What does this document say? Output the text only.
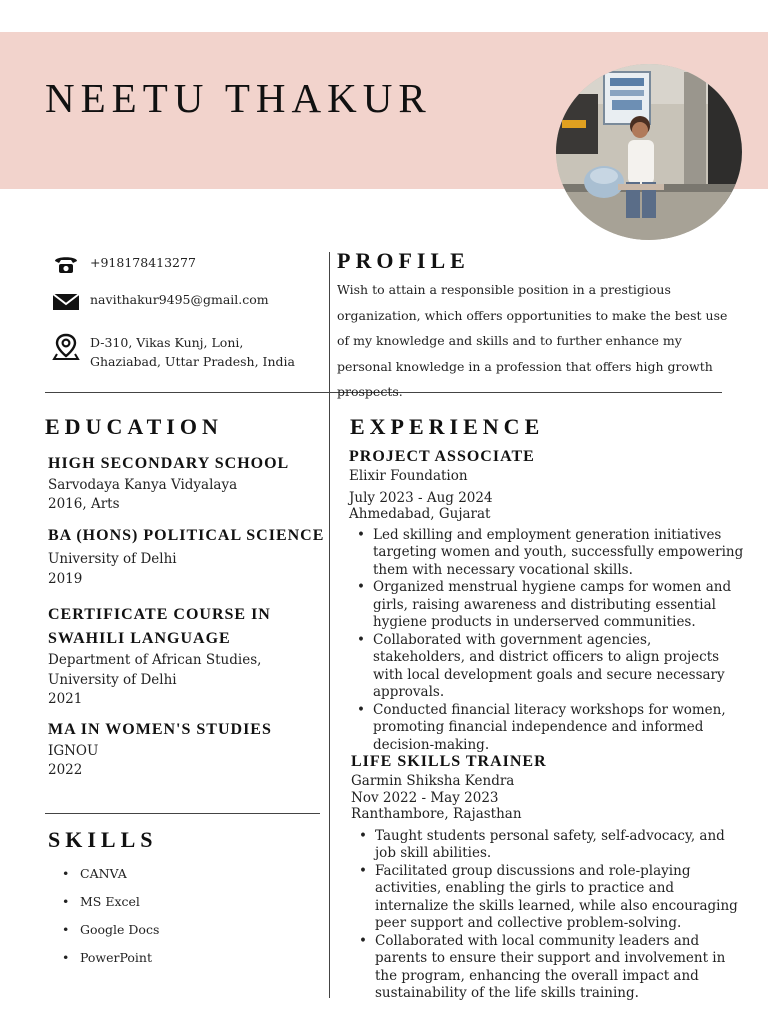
NEETU THAKUR
+918178413277
navithakur9495@gmail.com
D-310, Vikas Kunj, Loni, Ghaziabad, Uttar Pradesh, India
PROFILE
Wish to attain a responsible position in a prestigious organization, which offers opportunities to make the best use of my knowledge and skills and to further enhance my personal knowledge in a profession that offers high growth prospects.
EDUCATION
HIGH SECONDARY SCHOOL
Sarvodaya Kanya Vidyalaya
2016, Arts
BA (HONS) POLITICAL SCIENCE
University of Delhi
2019
CERTIFICATE COURSE IN SWAHILI LANGUAGE
Department of African Studies, University of Delhi
2021
MA IN WOMEN'S STUDIES
IGNOU
2022
SKILLS
• CANVA
• MS Excel
• Google Docs
• PowerPoint
EXPERIENCE
PROJECT ASSOCIATE
Elixir Foundation
July 2023 - Aug 2024
Ahmedabad, Gujarat
• Led skilling and employment generation initiatives targeting women and youth, successfully empowering them with necessary vocational skills.
• Organized menstrual hygiene camps for women and girls, raising awareness and distributing essential hygiene products in underserved communities.
• Collaborated with government agencies, stakeholders, and district officers to align projects with local development goals and secure necessary approvals.
• Conducted financial literacy workshops for women, promoting financial independence and informed decision-making.
LIFE SKILLS TRAINER
Garmin Shiksha Kendra
Nov 2022 - May 2023
Ranthambore, Rajasthan
• Taught students personal safety, self-advocacy, and job skill abilities.
• Facilitated group discussions and role-playing activities, enabling the girls to practice and internalize the skills learned, while also encouraging peer support and collective problem-solving.
• Collaborated with local community leaders and parents to ensure their support and involvement in the program, enhancing the overall impact and sustainability of the life skills training.
